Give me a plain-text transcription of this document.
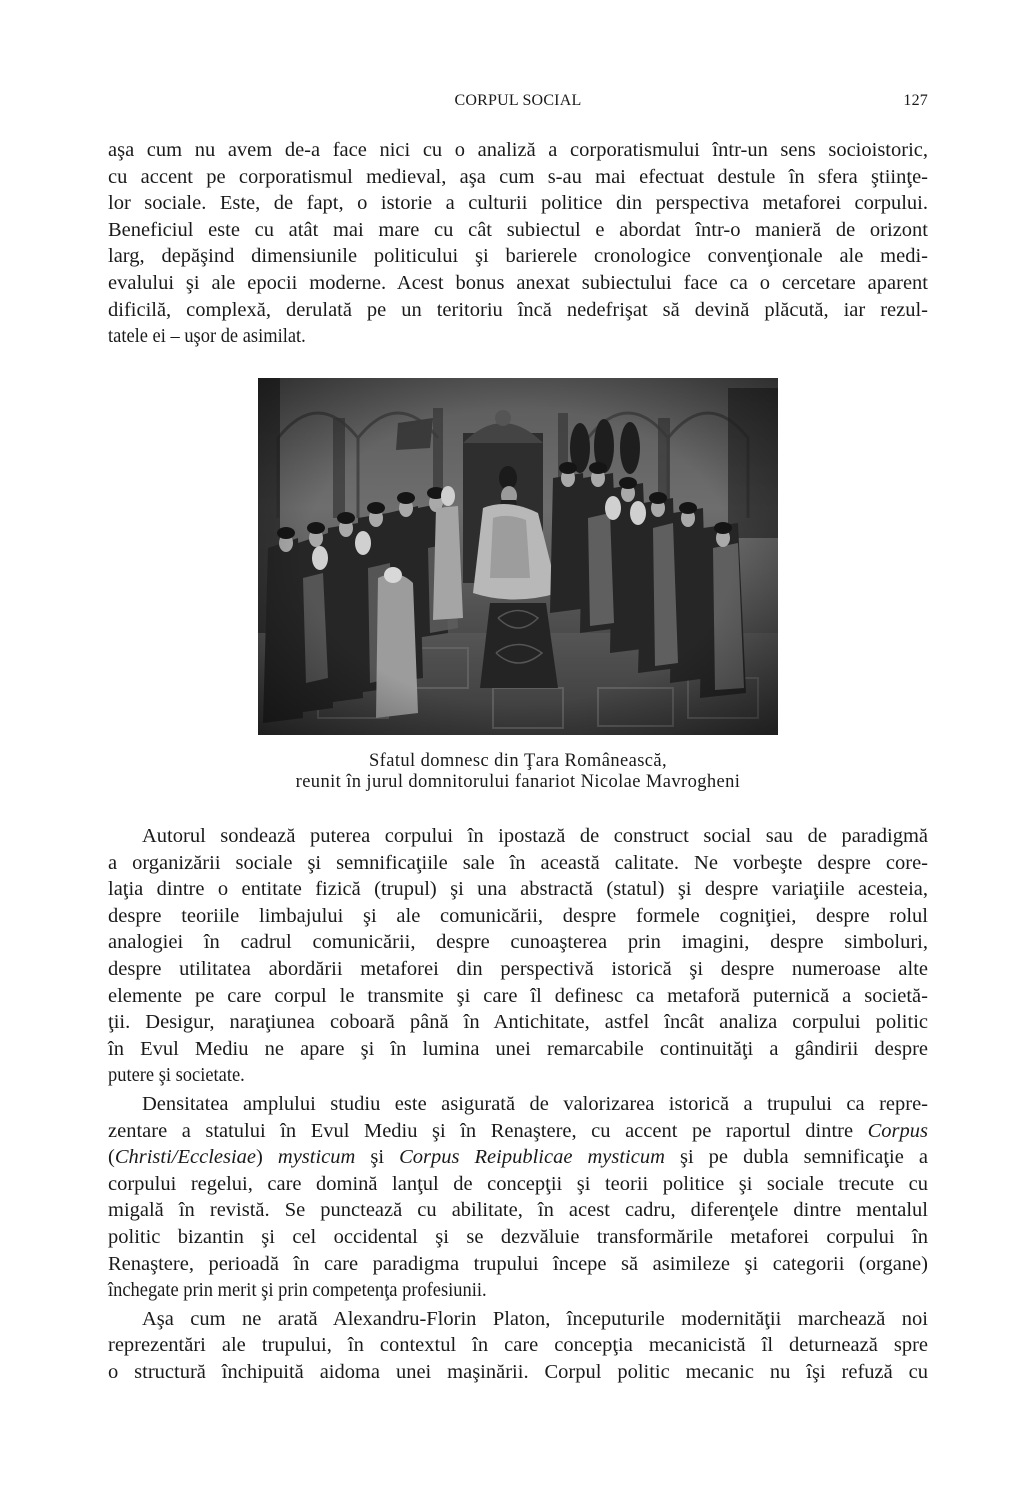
CORPUL SOCIAL	127
aşa cum nu avem de-a face nici cu o analiză a corporatismului într-un sens socioistoric,
cu accent pe corporatismul medieval, aşa cum s-au mai efectuat destule în sfera ştiinţe-
lor sociale. Este, de fapt, o istorie a culturii politice din perspectiva metaforei corpului.
Beneficiul este cu atât mai mare cu cât subiectul e abordat într-o manieră de orizont
larg, depăşind dimensiunile politicului şi barierele cronologice convenţionale ale medi-
evalului şi ale epocii moderne. Acest bonus anexat subiectului face ca o cercetare aparent
dificilă, complexă, derulată pe un teritoriu încă nedefrişat să devină plăcută, iar rezul-
tatele ei – uşor de asimilat.
Sfatul domnesc din Ţara Românească,
reunit în jurul domnitorului fanariot Nicolae Mavrogheni
Autorul sondează puterea corpului în ipostază de construct social sau de paradigmă
a organizării sociale şi semnificaţiile sale în această calitate. Ne vorbeşte despre core-
laţia dintre o entitate fizică (trupul) şi una abstractă (statul) şi despre variaţiile acesteia,
despre teoriile limbajului şi ale comunicării, despre formele cogniţiei, despre rolul
analogiei în cadrul comunicării, despre cunoaşterea prin imagini, despre simboluri,
despre utilitatea abordării metaforei din perspectivă istorică şi despre numeroase alte
elemente pe care corpul le transmite şi care îl definesc ca metaforă puternică a societă-
ţii. Desigur, naraţiunea coboară până în Antichitate, astfel încât analiza corpului politic
în Evul Mediu ne apare şi în lumina unei remarcabile continuităţi a gândirii despre
putere şi societate.
Densitatea amplului studiu este asigurată de valorizarea istorică a trupului ca repre-
zentare a statului în Evul Mediu şi în Renaştere, cu accent pe raportul dintre Corpus
(Christi/Ecclesiae) mysticum şi Corpus Reipublicae mysticum şi pe dubla semnificaţie a
corpului regelui, care domină lanţul de concepţii şi teorii politice şi sociale trecute cu
migală în revistă. Se punctează cu abilitate, în acest cadru, diferenţele dintre mentalul
politic bizantin şi cel occidental şi se dezvăluie transformările metaforei corpului în
Renaştere, perioadă în care paradigma trupului începe să asimileze şi categorii (organe)
închegate prin merit şi prin competenţa profesiunii.
Aşa cum ne arată Alexandru-Florin Platon, începuturile modernităţii marchează noi
reprezentări ale trupului, în contextul în care concepţia mecanicistă îl deturnează spre
o structură închipuită aidoma unei maşinării. Corpul politic mecanic nu îşi refuză cu
